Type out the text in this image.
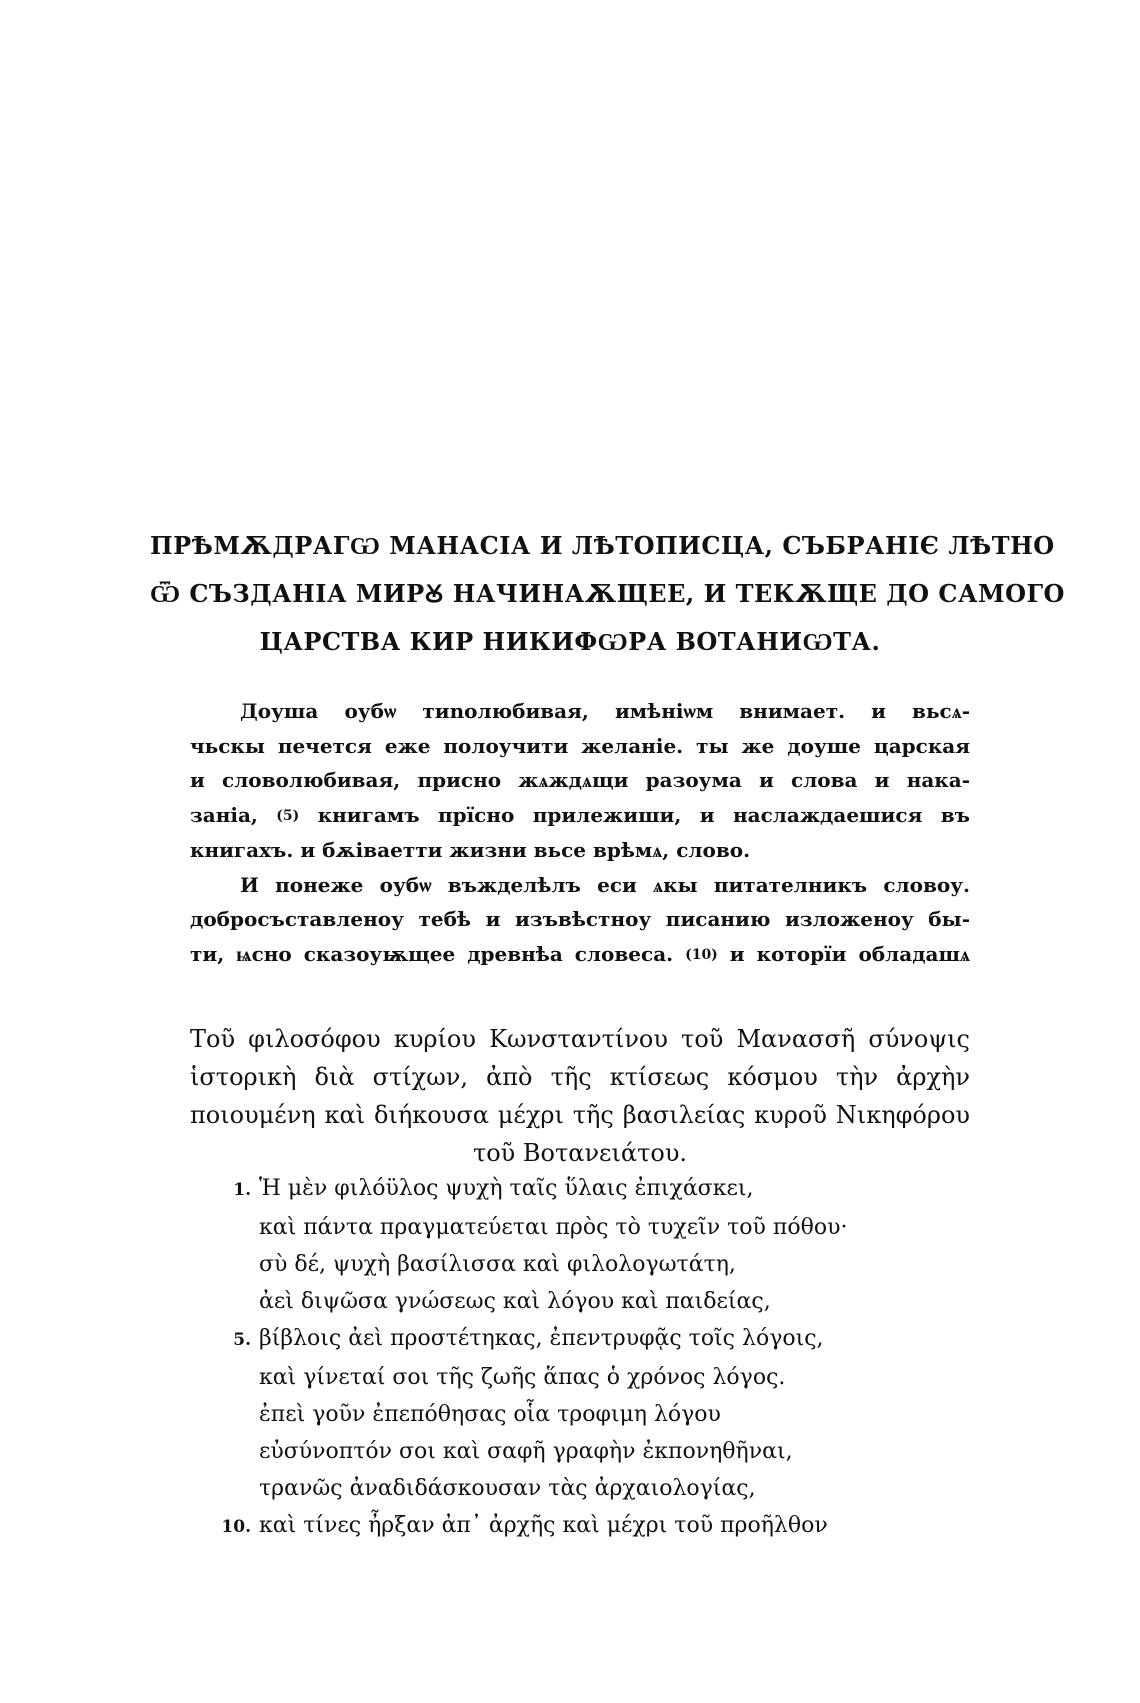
ПРѢМѪДРАГѠ МАНАСІА И ЛѢТОПИСЦА, СЪБРАНІЄ ЛѢТНО
Ѿ СЪЗДАНІА МИРꙊ НАЧИНАѪЩЕЕ, И ТЕКѪЩЕ ДО САМОГО
ЦАРСТВА КИР НИКИФѠРА ВОТАНИѠТА.
Доуша оубѡ тиnолюбивая, имѣніѡм внимает. и вьсѧ-
чьскы печется еже полоучити желаніе. ты же доуше царская
и словолюбивая, присно жѧждѧщи разоума и слова и нака-
заніа, (5) книгамъ прїсно прилежиши, и наслаждаешися въ
книгахъ. и бѫіваетти жизни вьсе врѣмѧ, слово.
И понеже оубѡ въжделѣлъ еси ѧкы питателникъ словоу.
добросъставленоу тебѣ и изъвѣстноу писанию изложеноу бы-
ти, ѩсно сказоуѭщее древнѣа словеса. (10) и которїи обладашѧ
Τοῦ φιλοσόφου κυρίου Κωνσταντίνου τοῦ Μανασσῆ σύνοψις
ἱστορικὴ διὰ στίχων, ἀπὸ τῆς κτίσεως κόσμου τὴν ἀρχὴν
ποιουμένη καὶ διήκουσα μέχρι τῆς βασιλείας κυροῦ Νικηφόρου
τοῦ Βοτανειάτου.
1. Ἡ μὲν φιλόϋλος ψυχὴ ταῖς ὕλαις ἐπιχάσκει,
καὶ πάντα πραγματεύεται πρὸς τὸ τυχεῖν τοῦ πόθου·
σὺ δέ, ψυχὴ βασίλισσα καὶ φιλολογωτάτη,
ἀεὶ διψῶσα γνώσεως καὶ λόγου καὶ παιδείας,
5. βίβλοις ἀεὶ προστέτηκας, ἐπεντρυφᾷς τοῖς λόγοις,
καὶ γίνεταί σοι τῆς ζωῆς ἅπας ὁ χρόνος λόγος.
ἐπεὶ γοῦν ἐπεπόθησας οἷα τροφιμη λόγου
εὐσύνοπτόν σοι καὶ σαφῆ γραφὴν ἐκπονηθῆναι,
τρανῶς ἀναδιδάσκουσαν τὰς ἀρχαιολογίας,
10. καὶ τίνες ἦρξαν ἀπ᾽ ἀρχῆς καὶ μέχρι τοῦ προῆλθον
